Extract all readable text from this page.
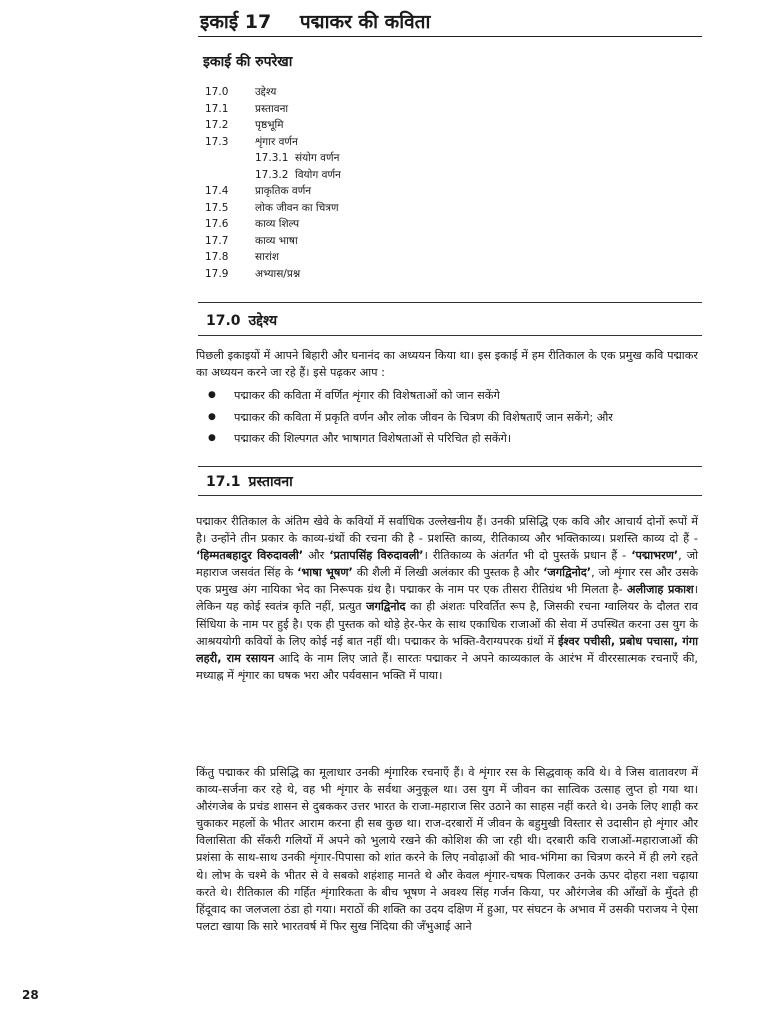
इकाई 17 पद्माकर की कविता
इकाई की रुपरेखा
17.0	उद्देश्य
17.1	प्रस्तावना
17.2	पृष्ठभूमि
17.3	शृंगार वर्णन
17.3.1 संयोग वर्णन
17.3.2 वियोग वर्णन
17.4	प्राकृतिक वर्णन
17.5	लोक जीवन का चित्रण
17.6	काव्य शिल्प
17.7	काव्य भाषा
17.8	सारांश
17.9	अभ्यास/प्रश्न
17.0 उद्देश्य
पिछली इकाइयों में आपने बिहारी और घनानंद का अध्ययन किया था। इस इकाई में हम रीतिकाल के एक प्रमुख कवि पद्माकर का अध्ययन करने जा रहे हैं। इसे पढ़कर आप :
● पद्माकर की कविता में वर्णित शृंगार की विशेषताओं को जान सकेंगे
● पद्माकर की कविता में प्रकृति वर्णन और लोक जीवन के चित्रण की विशेषताएँ जान सकेंगे; और
● पद्माकर की शिल्पगत और भाषागत विशेषताओं से परिचित हो सकेंगे।
17.1 प्रस्तावना
पद्माकर रीतिकाल के अंतिम खेवे के कवियों में सर्वाधिक उल्लेखनीय हैं। उनकी प्रसिद्धि एक कवि और आचार्य दोनों रूपों में है। उन्होंने तीन प्रकार के काव्य-ग्रंथों की रचना की है - प्रशस्ति काव्य, रीतिकाव्य और भक्तिकाव्य। प्रशस्ति काव्य दो हैं - ‘हिम्मतबहादुर विरुदावली’ और ‘प्रतापसिंह विरुदावली’। रीतिकाव्य के अंतर्गत भी दो पुस्तकें प्रधान हैं - ‘पद्माभरण’, जो महाराज जसवंत सिंह के ‘भाषा भूषण’ की शैली में लिखी अलंकार की पुस्तक है और ‘जगद्विनोद’, जो शृंगार रस और उसके एक प्रमुख अंग नायिका भेद का निरूपक ग्रंथ है। पद्माकर के नाम पर एक तीसरा रीतिग्रंथ भी मिलता है- अलीजाह प्रकाश। लेकिन यह कोई स्वतंत्र कृति नहीं, प्रत्युत जगद्विनोद का ही अंशतः परिवर्तित रूप है, जिसकी रचना ग्वालियर के दौलत राव सिंधिया के नाम पर हुई है। एक ही पुस्तक को थोड़े हेर-फेर के साथ एकाधिक राजाओं की सेवा में उपस्थित करना उस युग के आश्रययोगी कवियों के लिए कोई नई बात नहीं थी। पद्माकर के भक्ति-वैराग्यपरक ग्रंथों में ईश्वर पचीसी, प्रबोध पचासा, गंगा लहरी, राम रसायन आदि के नाम लिए जाते हैं। सारतः पद्माकर ने अपने काव्यकाल के आरंभ में वीररसात्मक रचनाएँ की, मध्याह्न में शृंगार का घषक भरा और पर्यवसान भक्ति में पाया।
किंतु पद्माकर की प्रसिद्धि का मूलाधार उनकी शृंगारिक रचनाएँ हैं। वे शृंगार रस के सिद्धवाक् कवि थे। वे जिस वातावरण में काव्य-सर्जना कर रहे थे, वह भी शृंगार के सर्वथा अनुकूल था। उस युग में जीवन का सात्विक उत्साह लुप्त हो गया था। औरंगजेब के प्रचंड शासन से दुबककर उत्तर भारत के राजा-महाराज सिर उठाने का साहस नहीं करते थे। उनके लिए शाही कर चुकाकर महलों के भीतर आराम करना ही सब कुछ था। राज-दरबारों में जीवन के बहुमुखी विस्तार से उदासीन हो शृंगार और विलासिता की सँकरी गलियों में अपने को भुलाये रखने की कोशिश की जा रही थी। दरबारी कवि राजाओं-महाराजाओं की प्रशंसा के साथ-साथ उनकी शृंगार-पिपासा को शांत करने के लिए नवोढ़ाओं की भाव-भंगिमा का चित्रण करने में ही लगे रहते थे। लोभ के चश्मे के भीतर से वे सबको शहंशाह मानते थे और केवल शृंगार-चषक पिलाकर उनके ऊपर दोहरा नशा चढ़ाया करते थे। रीतिकाल की गर्हित शृंगारिकता के बीच भूषण ने अवश्य सिंह गर्जन किया, पर औरंगजेब की आँखों के मुँदते ही हिंदूवाद का जलजला ठंडा हो गया। मराठों की शक्ति का उदय दक्षिण में हुआ, पर संघटन के अभाव में उसकी पराजय ने ऐसा पलटा खाया कि सारे भारतवर्ष में फिर सुख निंदिया की जँभुआई आने
28
